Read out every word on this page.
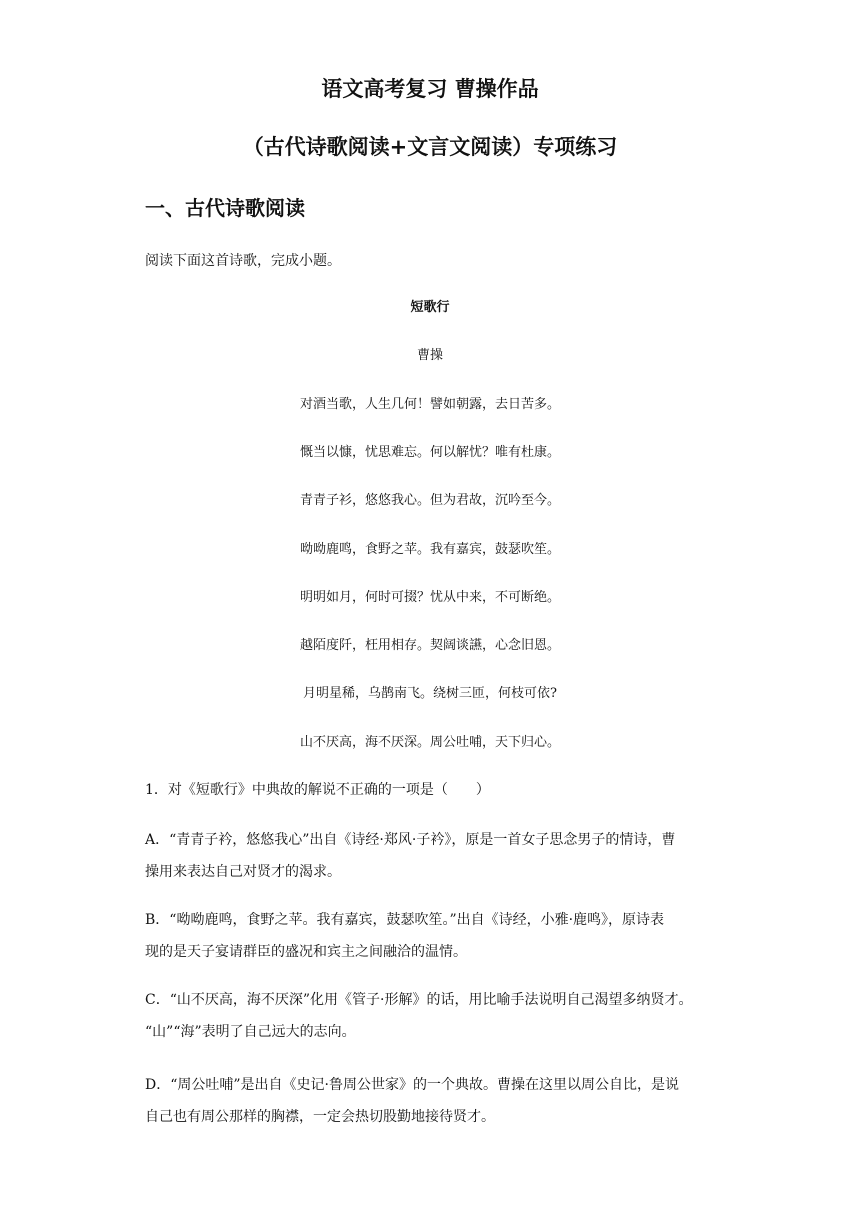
语文高考复习 曹操作品
（古代诗歌阅读+文言文阅读）专项练习
一、古代诗歌阅读
阅读下面这首诗歌，完成小题。
短歌行
曹操
对酒当歌，人生几何！譬如朝露，去日苦多。
慨当以慷，忧思难忘。何以解忧？唯有杜康。
青青子衫，悠悠我心。但为君故，沉吟至今。
呦呦鹿鸣，食野之苹。我有嘉宾，鼓瑟吹笙。
明明如月，何时可掇？忧从中来，不可断绝。
越陌度阡，枉用相存。契阔谈讌，心念旧恩。
月明星稀，乌鹊南飞。绕树三匝，何枝可依?
山不厌高，海不厌深。周公吐哺，天下归心。
1．对《短歌行》中典故的解说不正确的一项是（　　）
A．“青青子衿，悠悠我心”出自《诗经·郑风·子衿》，原是一首女子思念男子的情诗，曹
操用来表达自己对贤才的渴求。
B．“呦呦鹿鸣，食野之苹。我有嘉宾，鼓瑟吹笙。”出自《诗经，小雅·鹿鸣》，原诗表
现的是天子宴请群臣的盛况和宾主之间融洽的温情。
C．“山不厌高，海不厌深”化用《管子·形解》的话，用比喻手法说明自己渴望多纳贤才。
“山”“海”表明了自己远大的志向。
D．“周公吐哺”是出自《史记·鲁周公世家》的一个典故。曹操在这里以周公自比，是说
自己也有周公那样的胸襟，一定会热切股勤地接待贤才。
